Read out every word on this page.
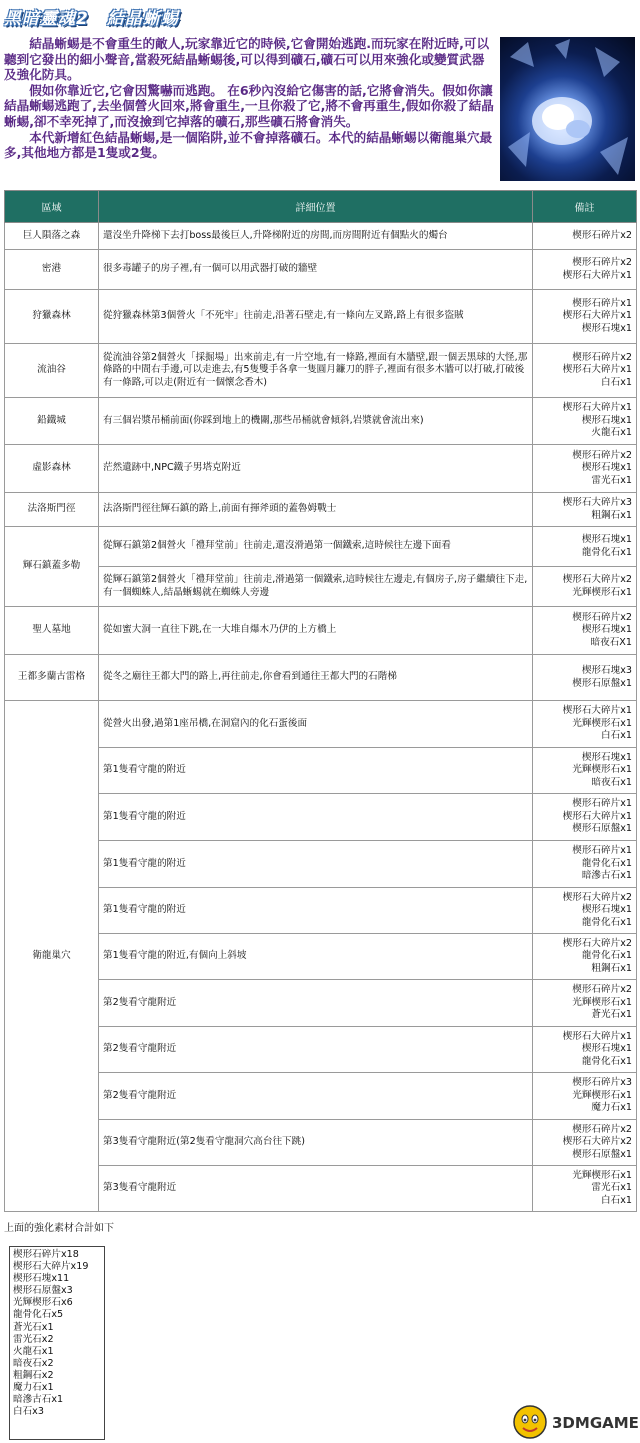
黑暗靈魂2　結晶蜥蜴

結晶蜥蜴是不會重生的敵人,玩家靠近它的時候,它會開始逃跑.而玩家在附近時,可以聽到它發出的細小聲音,當殺死結晶蜥蜴後,可以得到礦石,礦石可以用來強化或變質武器及強化防具。

假如你靠近它,它會因驚嚇而逃跑。 在6秒內沒給它傷害的話,它將會消失。假如你讓結晶蜥蜴逃跑了,去坐個營火回來,將會重生,一旦你殺了它,將不會再重生,假如你殺了結晶蜥蜴,卻不幸死掉了,而沒撿到它掉落的礦石,那些礦石將會消失。

本代新增紅色結晶蜥蜴,是一個陷阱,並不會掉落礦石。本代的結晶蜥蜴以衛龍巢穴最多,其他地方都是1隻或2隻。

區域	詳細位置	備註
巨人隕落之森	還沒坐升降梯下去打boss最後巨人,升降梯附近的房間,而房間附近有個點火的燭台	楔形石碎片x2
密港	很多毒罐子的房子裡,有一個可以用武器打破的牆壁	楔形石碎片x2
楔形石大碎片x1
狩獵森林	從狩獵森林第3個營火「不死牢」往前走,沿著石壁走,有一條向左叉路,路上有很多盜賊	楔形石碎片x1
楔形石大碎片x1
楔形石塊x1
流油谷	從流油谷第2個營火「採掘場」出來前走,有一片空地,有一條路,裡面有木牆壁,跟一個丟黑球的大怪,那條路的中間右手邊,可以走進去,有5隻雙手各拿一隻圓月鐮刀的胖子,裡面有很多木牆可以打破,打破後有一條路,可以走(附近有一個懷念香木)	楔形石碎片x2
楔形石大碎片x1
白石x1
鉛鐵城	有三個岩漿吊桶前面(你踩到地上的機關,那些吊桶就會傾斜,岩漿就會流出來)	楔形石大碎片x1
楔形石塊x1
火龍石x1
虛影森林	茫然遺跡中,NPC鐵子男塔克附近	楔形石碎片x2
楔形石塊x1
雷光石x1
法洛斯門徑	法洛斯門徑往輝石鎮的路上,前面有揮斧頭的蓋魯姆戰士	楔形石大碎片x3
粗鋼石x1
輝石鎮蓋多勒	從輝石鎮第2個營火「禮拜堂前」往前走,還沒滑過第一個鐵索,這時候往左邊下面看	楔形石塊x1
龍骨化石x1
	從輝石鎮第2個營火「禮拜堂前」往前走,滑過第一個鐵索,這時候往左邊走,有個房子,房子繼續往下走,有一個蜘蛛人,結晶蜥蜴就在蜘蛛人旁邊	楔形石大碎片x2
光輝楔形石x1
聖人墓地	從如蜜大洞一直往下跳,在一大堆自爆木乃伊的上方橋上	楔形石碎片x2
楔形石塊x1
暗夜石X1
王都多蘭古雷格	從冬之廟往王都大門的路上,再往前走,你會看到通往王都大門的石階梯	楔形石塊x3
楔形石原盤x1
衛龍巢穴	從營火出發,過第1座吊橋,在洞窟內的化石蛋後面	楔形石大碎片x1
光輝楔形石x1
白石x1
	第1隻看守龍的附近	楔形石塊x1
光輝楔形石x1
暗夜石x1
	第1隻看守龍的附近	楔形石碎片x1
楔形石大碎片x1
楔形石原盤x1
	第1隻看守龍的附近	楔形石碎片x1
龍骨化石x1
暗滲古石x1
	第1隻看守龍的附近	楔形石大碎片x2
楔形石塊x1
龍骨化石x1
	第1隻看守龍的附近,有個向上斜坡	楔形石大碎片x2
龍骨化石x1
粗鋼石x1
	第2隻看守龍附近	楔形石碎片x2
光輝楔形石x1
蒼光石x1
	第2隻看守龍附近	楔形石大碎片x1
楔形石塊x1
龍骨化石x1
	第2隻看守龍附近	楔形石碎片x3
光輝楔形石x1
魔力石x1
	第3隻看守龍附近(第2隻看守龍洞穴高台往下跳)	楔形石碎片x2
楔形石大碎片x2
楔形石原盤x1
	第3隻看守龍附近	光輝楔形石x1
雷光石x1
白石x1
上面的強化素材合計如下
楔形石碎片x18
楔形石大碎片x19
楔形石塊x11
楔形石原盤x3
光輝楔形石x6
龍骨化石x5
蒼光石x1
雷光石x2
火龍石x1
暗夜石x2
粗鋼石x2
魔力石x1
暗滲古石x1
白石x3
3DMGAME
